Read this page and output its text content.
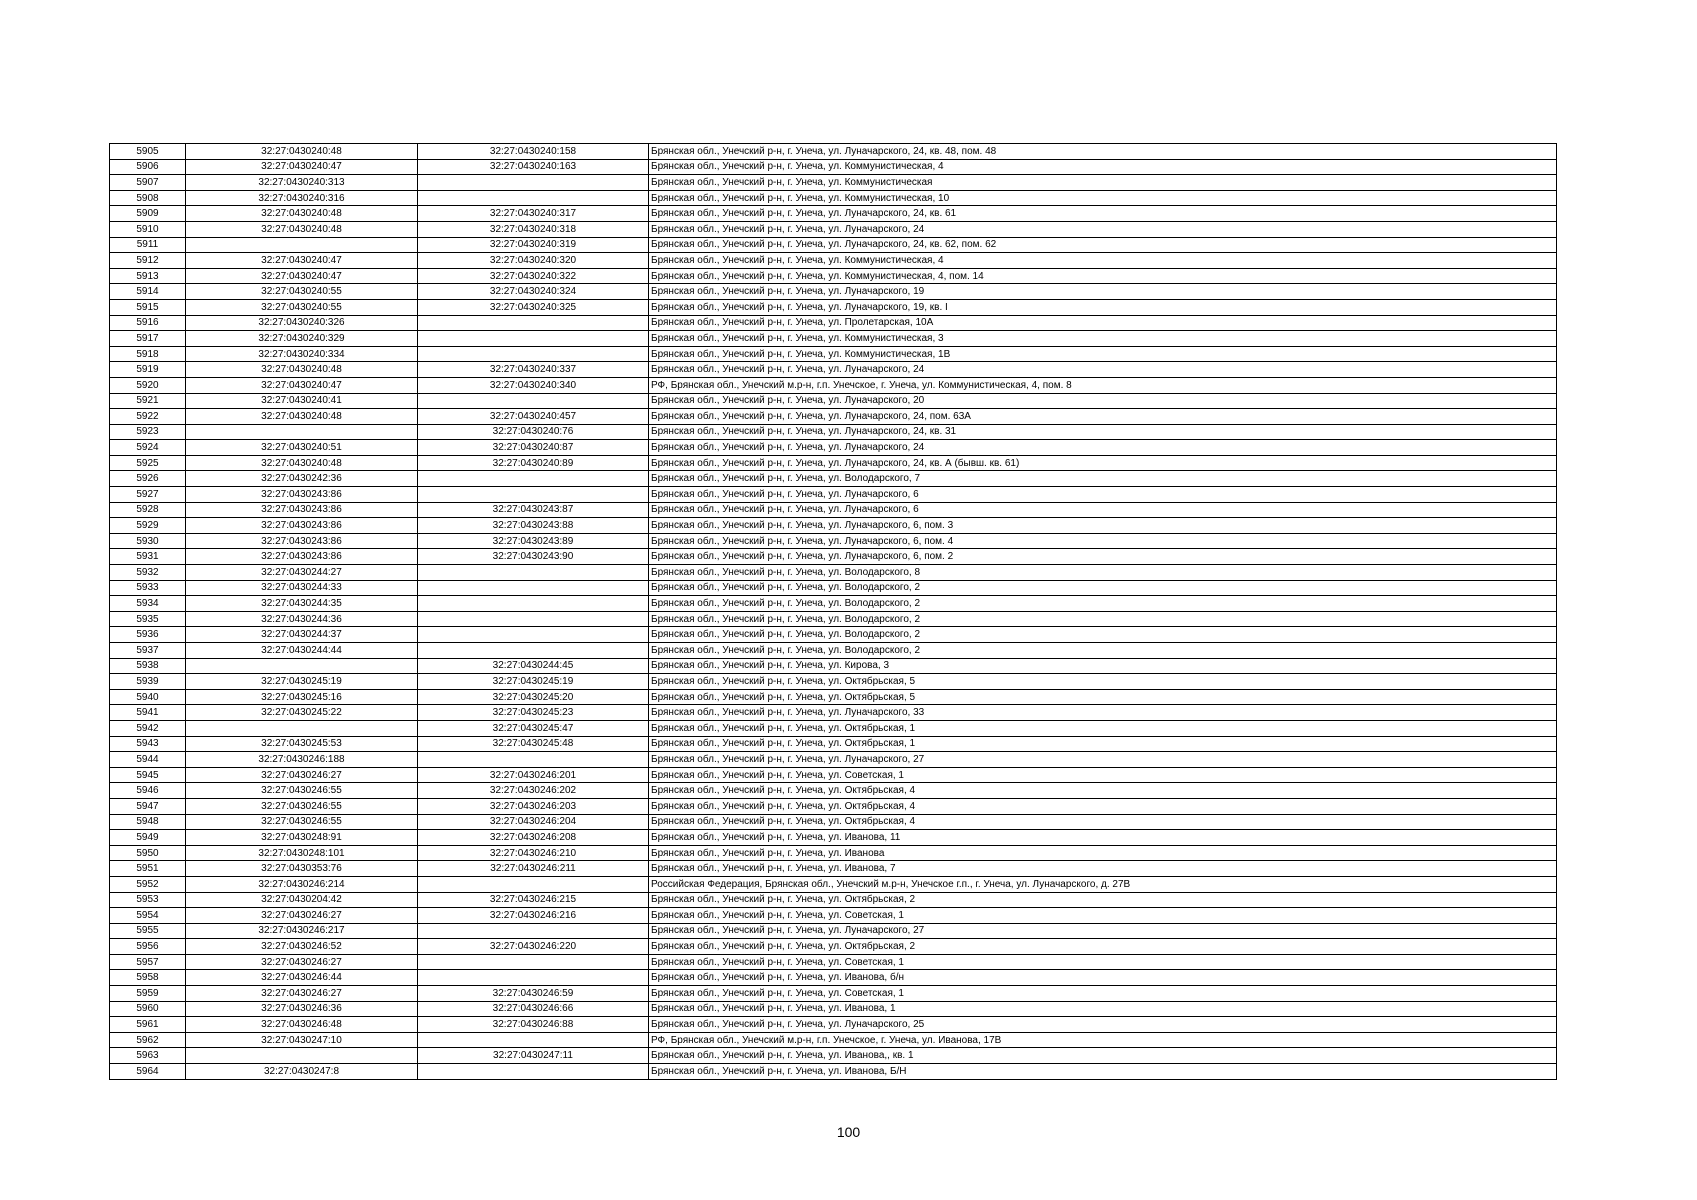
5905	32:27:0430240:48	32:27:0430240:158	Брянская обл., Унечский р-н, г. Унеча, ул. Луначарского, 24, кв. 48, пом. 48
5906	32:27:0430240:47	32:27:0430240:163	Брянская обл., Унечский р-н, г. Унеча, ул. Коммунистическая, 4
5907	32:27:0430240:313		Брянская обл., Унечский р-н, г. Унеча, ул. Коммунистическая
5908	32:27:0430240:316		Брянская обл., Унечский р-н, г. Унеча, ул. Коммунистическая, 10
5909	32:27:0430240:48	32:27:0430240:317	Брянская обл., Унечский р-н, г. Унеча, ул. Луначарского, 24, кв. 61
5910	32:27:0430240:48	32:27:0430240:318	Брянская обл., Унечский р-н, г. Унеча, ул. Луначарского, 24
5911		32:27:0430240:319	Брянская обл., Унечский р-н, г. Унеча, ул. Луначарского, 24, кв. 62, пом. 62
5912	32:27:0430240:47	32:27:0430240:320	Брянская обл., Унечский р-н, г. Унеча, ул. Коммунистическая, 4
5913	32:27:0430240:47	32:27:0430240:322	Брянская обл., Унечский р-н, г. Унеча, ул. Коммунистическая, 4, пом. 14
5914	32:27:0430240:55	32:27:0430240:324	Брянская обл., Унечский р-н, г. Унеча, ул. Луначарского, 19
5915	32:27:0430240:55	32:27:0430240:325	Брянская обл., Унечский р-н, г. Унеча, ул. Луначарского, 19, кв. I
5916	32:27:0430240:326		Брянская обл., Унечский р-н, г. Унеча, ул. Пролетарская, 10А
5917	32:27:0430240:329		Брянская обл., Унечский р-н, г. Унеча, ул. Коммунистическая, 3
5918	32:27:0430240:334		Брянская обл., Унечский р-н, г. Унеча, ул. Коммунистическая, 1В
5919	32:27:0430240:48	32:27:0430240:337	Брянская обл., Унечский р-н, г. Унеча, ул. Луначарского, 24
5920	32:27:0430240:47	32:27:0430240:340	РФ, Брянская обл., Унечский м.р-н, г.п. Унечское, г. Унеча, ул. Коммунистическая, 4, пом. 8
5921	32:27:0430240:41		Брянская обл., Унечский р-н, г. Унеча, ул. Луначарского, 20
5922	32:27:0430240:48	32:27:0430240:457	Брянская обл., Унечский р-н, г. Унеча, ул. Луначарского, 24, пом. 63А
5923		32:27:0430240:76	Брянская обл., Унечский р-н, г. Унеча, ул. Луначарского, 24, кв. 31
5924	32:27:0430240:51	32:27:0430240:87	Брянская обл., Унечский р-н, г. Унеча, ул. Луначарского, 24
5925	32:27:0430240:48	32:27:0430240:89	Брянская обл., Унечский р-н, г. Унеча, ул. Луначарского, 24, кв. А (бывш. кв. 61)
5926	32:27:0430242:36		Брянская обл., Унечский р-н, г. Унеча, ул. Володарского, 7
5927	32:27:0430243:86		Брянская обл., Унечский р-н, г. Унеча, ул. Луначарского, 6
5928	32:27:0430243:86	32:27:0430243:87	Брянская обл., Унечский р-н, г. Унеча, ул. Луначарского, 6
5929	32:27:0430243:86	32:27:0430243:88	Брянская обл., Унечский р-н, г. Унеча, ул. Луначарского, 6, пом. 3
5930	32:27:0430243:86	32:27:0430243:89	Брянская обл., Унечский р-н, г. Унеча, ул. Луначарского, 6, пом. 4
5931	32:27:0430243:86	32:27:0430243:90	Брянская обл., Унечский р-н, г. Унеча, ул. Луначарского, 6, пом. 2
5932	32:27:0430244:27		Брянская обл., Унечский р-н, г. Унеча, ул. Володарского, 8
5933	32:27:0430244:33		Брянская обл., Унечский р-н, г. Унеча, ул. Володарского, 2
5934	32:27:0430244:35		Брянская обл., Унечский р-н, г. Унеча, ул. Володарского, 2
5935	32:27:0430244:36		Брянская обл., Унечский р-н, г. Унеча, ул. Володарского, 2
5936	32:27:0430244:37		Брянская обл., Унечский р-н, г. Унеча, ул. Володарского, 2
5937	32:27:0430244:44		Брянская обл., Унечский р-н, г. Унеча, ул. Володарского, 2
5938		32:27:0430244:45	Брянская обл., Унечский р-н, г. Унеча, ул. Кирова, 3
5939	32:27:0430245:19	32:27:0430245:19	Брянская обл., Унечский р-н, г. Унеча, ул. Октябрьская, 5
5940	32:27:0430245:16	32:27:0430245:20	Брянская обл., Унечский р-н, г. Унеча, ул. Октябрьская, 5
5941	32:27:0430245:22	32:27:0430245:23	Брянская обл., Унечский р-н, г. Унеча, ул. Луначарского, 33
5942		32:27:0430245:47	Брянская обл., Унечский р-н, г. Унеча, ул. Октябрьская, 1
5943	32:27:0430245:53	32:27:0430245:48	Брянская обл., Унечский р-н, г. Унеча, ул. Октябрьская, 1
5944	32:27:0430246:188		Брянская обл., Унечский р-н, г. Унеча, ул. Луначарского, 27
5945	32:27:0430246:27	32:27:0430246:201	Брянская обл., Унечский р-н, г. Унеча, ул. Советская, 1
5946	32:27:0430246:55	32:27:0430246:202	Брянская обл., Унечский р-н, г. Унеча, ул. Октябрьская, 4
5947	32:27:0430246:55	32:27:0430246:203	Брянская обл., Унечский р-н, г. Унеча, ул. Октябрьская, 4
5948	32:27:0430246:55	32:27:0430246:204	Брянская обл., Унечский р-н, г. Унеча, ул. Октябрьская, 4
5949	32:27:0430248:91	32:27:0430246:208	Брянская обл., Унечский р-н, г. Унеча, ул. Иванова, 11
5950	32:27:0430248:101	32:27:0430246:210	Брянская обл., Унечский р-н, г. Унеча, ул. Иванова
5951	32:27:0430353:76	32:27:0430246:211	Брянская обл., Унечский р-н, г. Унеча, ул. Иванова, 7
5952	32:27:0430246:214		Российская Федерация, Брянская обл., Унечский м.р-н, Унечское г.п., г. Унеча, ул. Луначарского, д. 27В
5953	32:27:0430204:42	32:27:0430246:215	Брянская обл., Унечский р-н, г. Унеча, ул. Октябрьская, 2
5954	32:27:0430246:27	32:27:0430246:216	Брянская обл., Унечский р-н, г. Унеча, ул. Советская, 1
5955	32:27:0430246:217		Брянская обл., Унечский р-н, г. Унеча, ул. Луначарского, 27
5956	32:27:0430246:52	32:27:0430246:220	Брянская обл., Унечский р-н, г. Унеча, ул. Октябрьская, 2
5957	32:27:0430246:27		Брянская обл., Унечский р-н, г. Унеча, ул. Советская, 1
5958	32:27:0430246:44		Брянская обл., Унечский р-н, г. Унеча, ул. Иванова, б/н
5959	32:27:0430246:27	32:27:0430246:59	Брянская обл., Унечский р-н, г. Унеча, ул. Советская, 1
5960	32:27:0430246:36	32:27:0430246:66	Брянская обл., Унечский р-н, г. Унеча, ул. Иванова, 1
5961	32:27:0430246:48	32:27:0430246:88	Брянская обл., Унечский р-н, г. Унеча, ул. Луначарского, 25
5962	32:27:0430247:10		РФ, Брянская обл., Унечский м.р-н, г.п. Унечское, г. Унеча, ул. Иванова, 17В
5963		32:27:0430247:11	Брянская обл., Унечский р-н, г. Унеча, ул. Иванова,, кв. 1
5964	32:27:0430247:8		Брянская обл., Унечский р-н, г. Унеча, ул. Иванова, Б/Н
100
